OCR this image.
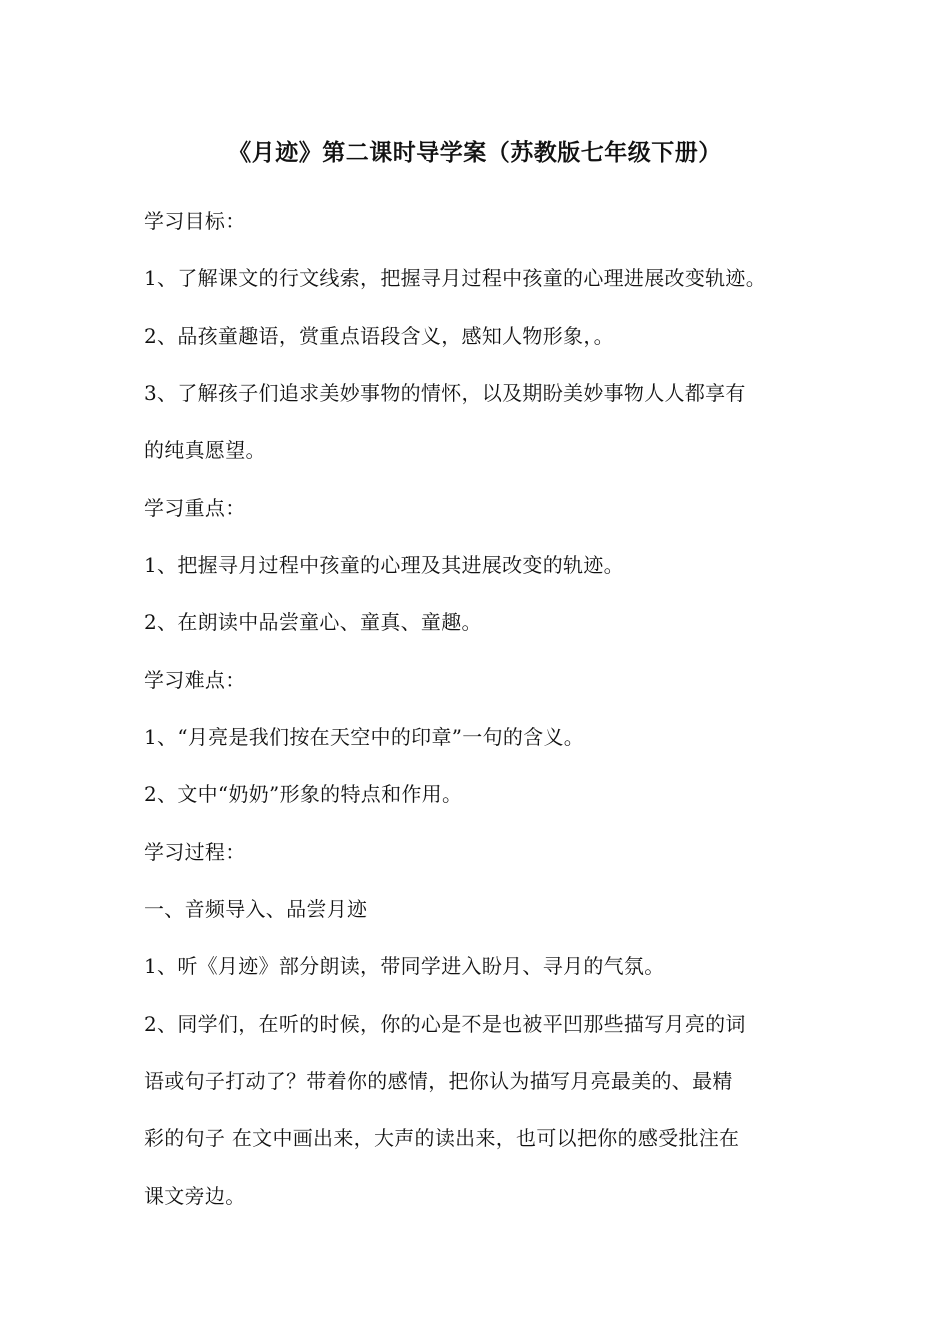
《月迹》第二课时导学案（苏教版七年级下册）
学习目标：
1、了解课文的行文线索，把握寻月过程中孩童的心理进展改变轨迹。
2、品孩童趣语，赏重点语段含义，感知人物形象，。
3、了解孩子们追求美妙事物的情怀，以及期盼美妙事物人人都享有
的纯真愿望。
学习重点：
1、把握寻月过程中孩童的心理及其进展改变的轨迹。
2、在朗读中品尝童心、童真、童趣。
学习难点：
1、“月亮是我们按在天空中的印章”一句的含义。
2、文中“奶奶”形象的特点和作用。
学习过程：
一、音频导入、品尝月迹
1、听《月迹》部分朗读，带同学进入盼月、寻月的气氛。
2、同学们，在听的时候，你的心是不是也被平凹那些描写月亮的词
语或句子打动了？带着你的感情，把你认为描写月亮最美的、最精
彩的句子 在文中画出来，大声的读出来，也可以把你的感受批注在
课文旁边。
